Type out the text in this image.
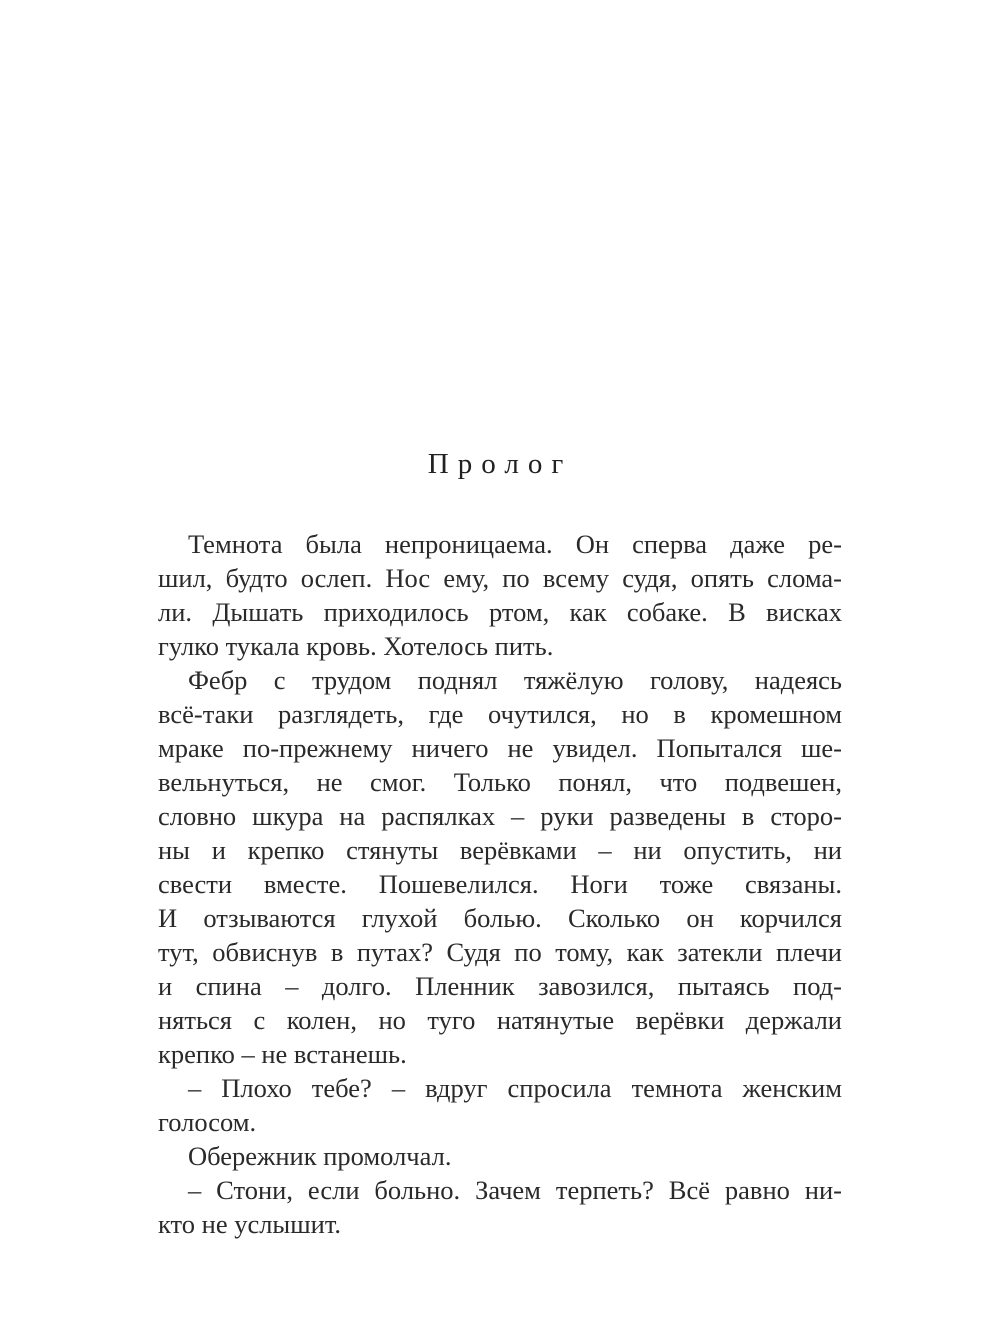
Пролог
Темнота была непроницаема. Он сперва даже ре-
шил, будто ослеп. Нос ему, по всему судя, опять слома-
ли. Дышать приходилось ртом, как собаке. В висках
гулко тукала кровь. Хотелось пить.
Фебр с трудом поднял тяжёлую голову, надеясь
всё-таки разглядеть, где очутился, но в кромешном
мраке по-прежнему ничего не увидел. Попытался ше-
вельнуться, не смог. Только понял, что подвешен,
словно шкура на распялках – руки разведены в сторо-
ны и крепко стянуты верёвками – ни опустить, ни
свести вместе. Пошевелился. Ноги тоже связаны.
И отзываются глухой болью. Сколько он корчился
тут, обвиснув в путах? Судя по тому, как затекли плечи
и спина – долго. Пленник завозился, пытаясь под-
няться с колен, но туго натянутые верёвки держали
крепко – не встанешь.
– Плохо тебе? – вдруг спросила темнота женским
голосом.
Обережник промолчал.
– Стони, если больно. Зачем терпеть? Всё равно ни-
кто не услышит.
